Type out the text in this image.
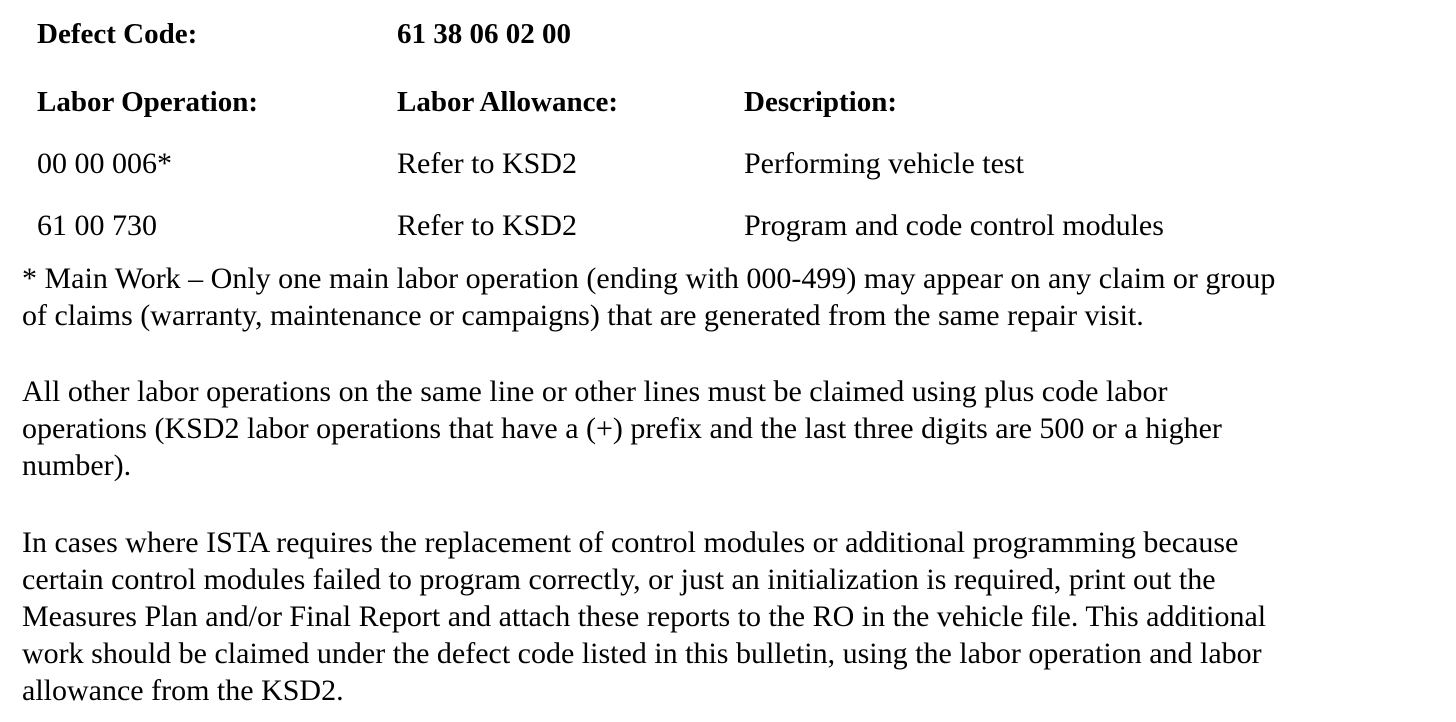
Defect Code:	61 38 06 02 00
Labor Operation:	Labor Allowance:	Description:
00 00 006*	Refer to KSD2	Performing vehicle test
61 00 730	Refer to KSD2	Program and code control modules
* Main Work – Only one main labor operation (ending with 000-499) may appear on any claim or group
of claims (warranty, maintenance or campaigns) that are generated from the same repair visit.
All other labor operations on the same line or other lines must be claimed using plus code labor
operations (KSD2 labor operations that have a (+) prefix and the last three digits are 500 or a higher
number).
In cases where ISTA requires the replacement of control modules or additional programming because
certain control modules failed to program correctly, or just an initialization is required, print out the
Measures Plan and/or Final Report and attach these reports to the RO in the vehicle file. This additional
work should be claimed under the defect code listed in this bulletin, using the labor operation and labor
allowance from the KSD2.
